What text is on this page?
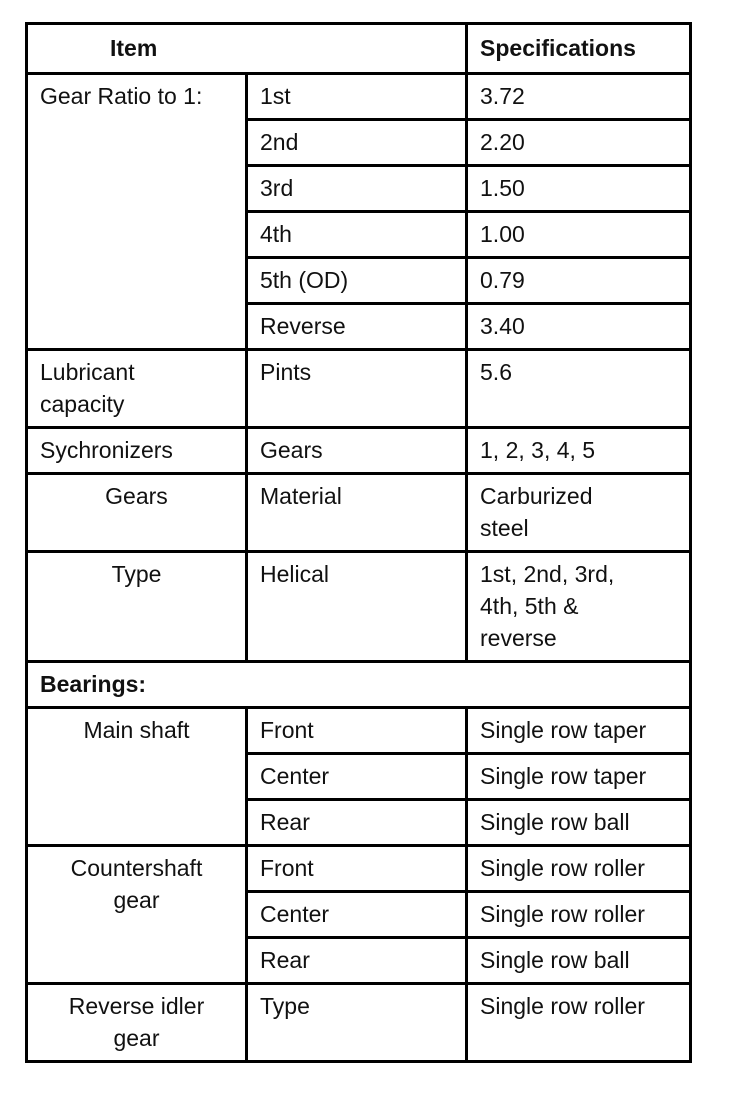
Item		Specifications
Gear Ratio to 1:	1st	3.72
	2nd	2.20
	3rd	1.50
	4th	1.00
	5th (OD)	0.79
	Reverse	3.40
Lubricant
capacity	Pints	5.6
Sychronizers	Gears	1, 2, 3, 4, 5
Gears	Material	Carburized
steel
Type	Helical	1st, 2nd, 3rd,
4th, 5th &
reverse
Bearings:		
Main shaft	Front	Single row taper
	Center	Single row taper
	Rear	Single row ball
Countershaft
gear	Front	Single row roller
	Center	Single row roller
	Rear	Single row ball
Reverse idler
gear	Type	Single row roller
